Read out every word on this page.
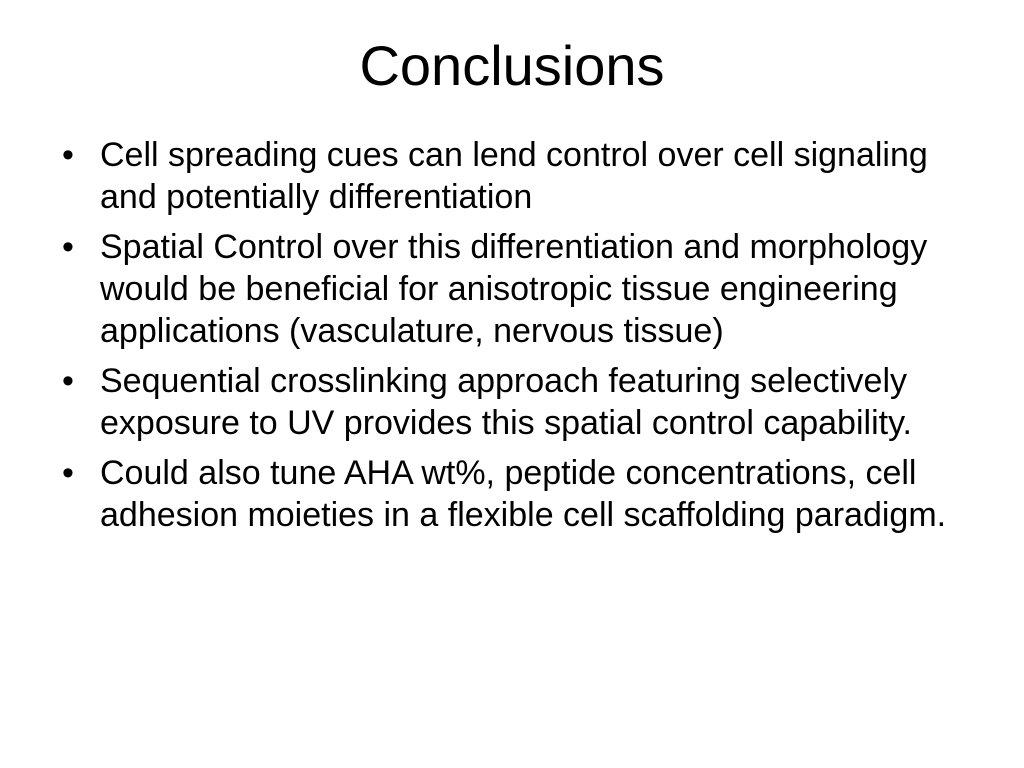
Conclusions
• Cell spreading cues can lend control over cell signaling and potentially differentiation
• Spatial Control over this differentiation and morphology would be beneficial for anisotropic tissue engineering applications (vasculature, nervous tissue)
• Sequential crosslinking approach featuring selectively exposure to UV provides this spatial control capability.
• Could also tune AHA wt%, peptide concentrations, cell adhesion moieties in a flexible cell scaffolding paradigm.
